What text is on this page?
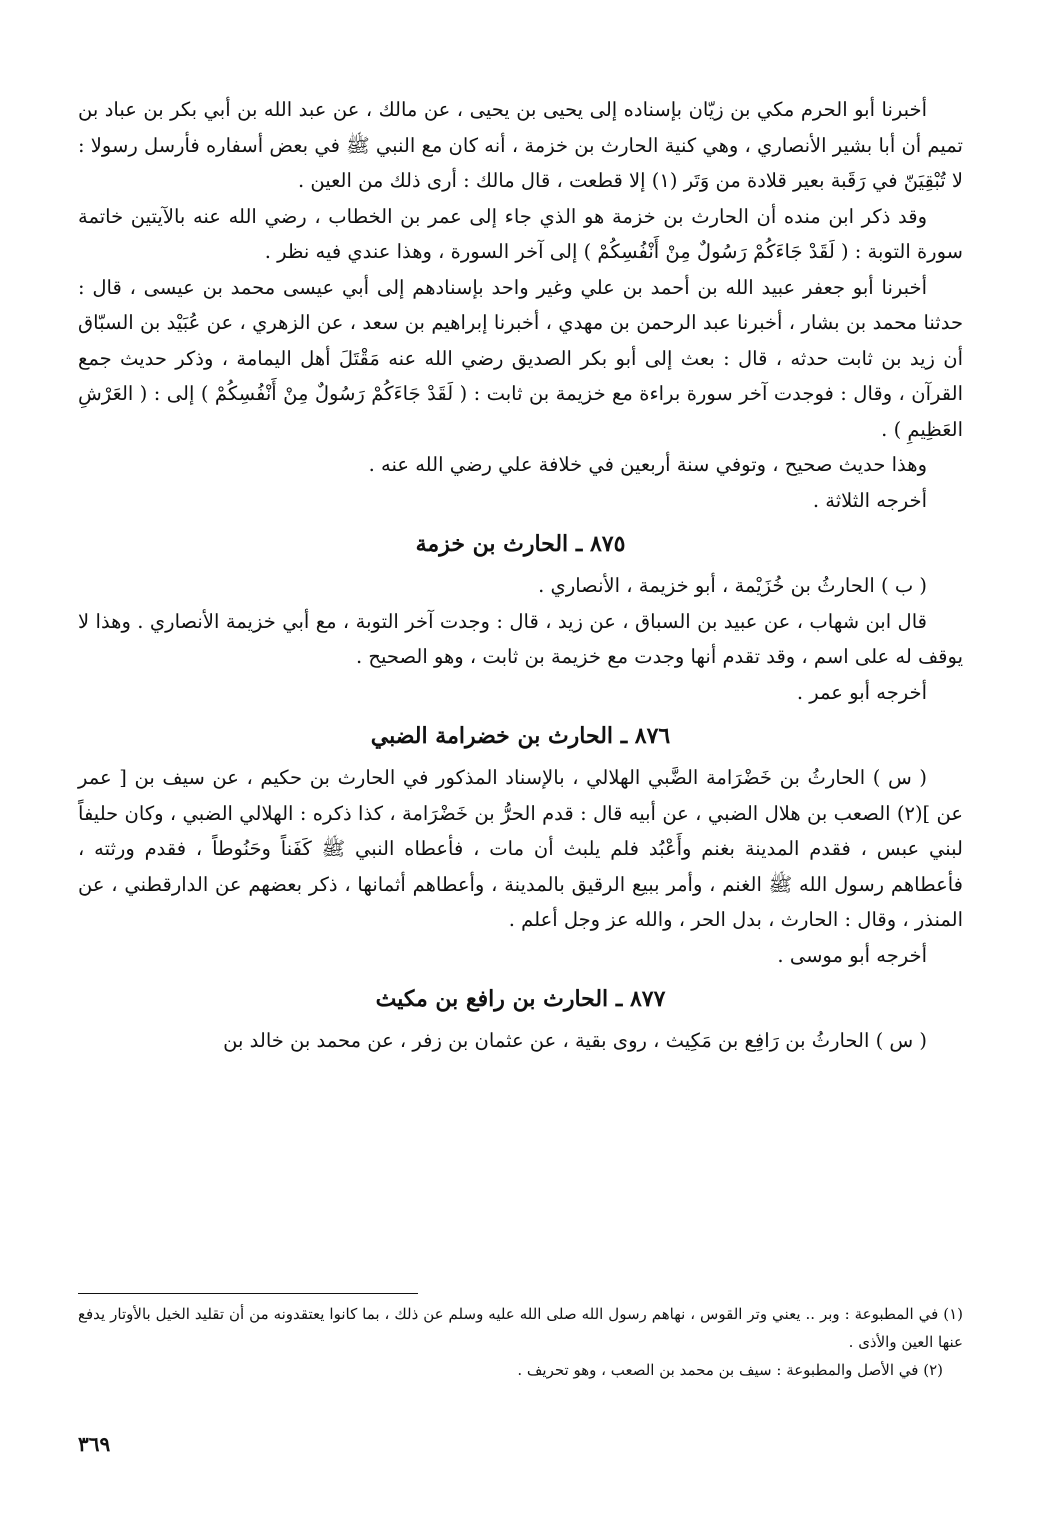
أخبرنا أبو الحرم مكي بن زيّان بإسناده إلى يحيى بن يحيى ، عن مالك ، عن عبد الله بن أبي بكر بن عباد بن تميم أن أبا بشير الأنصاري ، وهي كنية الحارث بن خزمة ، أنه كان مع النبي ﷺ في بعض أسفاره فأرسل رسولا : لا تُبْقِيَنّ في رَقَبة بعير قلادة من وَتَر (١) إلا قطعت ، قال مالك : أرى ذلك من العين .

وقد ذكر ابن منده أن الحارث بن خزمة هو الذي جاء إلى عمر بن الخطاب ، رضي الله عنه بالآيتين خاتمة سورة التوبة : ( لَقَدْ جَاءَكُمْ رَسُولٌ مِنْ أَنْفُسِكُمْ ) إلى آخر السورة ، وهذا عندي فيه نظر .

أخبرنا أبو جعفر عبيد الله بن أحمد بن علي وغير واحد بإسنادهم إلى أبي عيسى محمد بن عيسى ، قال : حدثنا محمد بن بشار ، أخبرنا عبد الرحمن بن مهدي ، أخبرنا إبراهيم بن سعد ، عن الزهري ، عن عُبَيْد بن السبّاق أن زيد بن ثابت حدثه ، قال : بعث إلى أبو بكر الصديق رضي الله عنه مَقْتَلَ أهل اليمامة ، وذكر حديث جمع القرآن ، وقال : فوجدت آخر سورة براءة مع خزيمة بن ثابت : ( لَقَدْ جَاءَكُمْ رَسُولٌ مِنْ أَنْفُسِكُمْ ) إلى : ( العَرْشِ العَظِيمِ ) .

وهذا حديث صحيح ، وتوفي سنة أربعين في خلافة علي رضي الله عنه .

أخرجه الثلاثة .

٨٧٥ ـ الحارث بن خزمة

( ب ) الحارثُ بن خُزَيْمة ، أبو خزيمة ، الأنصاري .

قال ابن شهاب ، عن عبيد بن السباق ، عن زيد ، قال : وجدت آخر التوبة ، مع أبي خزيمة الأنصاري . وهذا لا يوقف له على اسم ، وقد تقدم أنها وجدت مع خزيمة بن ثابت ، وهو الصحيح .

أخرجه أبو عمر .

٨٧٦ ـ الحارث بن خضرامة الضبي

( س ) الحارثُ بن خَضْرَامة الضَّبي الهلالي ، بالإسناد المذكور في الحارث بن حكيم ، عن سيف بن [ عمر عن ](٢) الصعب بن هلال الضبي ، عن أبيه قال : قدم الحرُّ بن خَضْرَامة ، كذا ذكره : الهلالي الضبي ، وكان حليفاً لبني عبس ، فقدم المدينة بغنم وأَعْبُد فلم يلبث أن مات ، فأعطاه النبي ﷺ كَفَناً وحَنُوطاً ، فقدم ورثته ، فأعطاهم رسول الله ﷺ الغنم ، وأمر ببيع الرقيق بالمدينة ، وأعطاهم أثمانها ، ذكر بعضهم عن الدارقطني ، عن المنذر ، وقال : الحارث ، بدل الحر ، والله عز وجل أعلم .

أخرجه أبو موسى .

٨٧٧ ـ الحارث بن رافع بن مكيث

( س ) الحارثُ بن رَافِع بن مَكِيث ، روى بقية ، عن عثمان بن زفر ، عن محمد بن خالد بن

(١) في المطبوعة : وبر .. يعني وتر القوس ، نهاهم رسول الله صلى الله عليه وسلم عن ذلك ، بما كانوا يعتقدونه من أن تقليد الخيل بالأوتار يدفع عنها العين والأذى .

(٢) في الأصل والمطبوعة : سيف بن محمد بن الصعب ، وهو تحريف .

٣٦٩
